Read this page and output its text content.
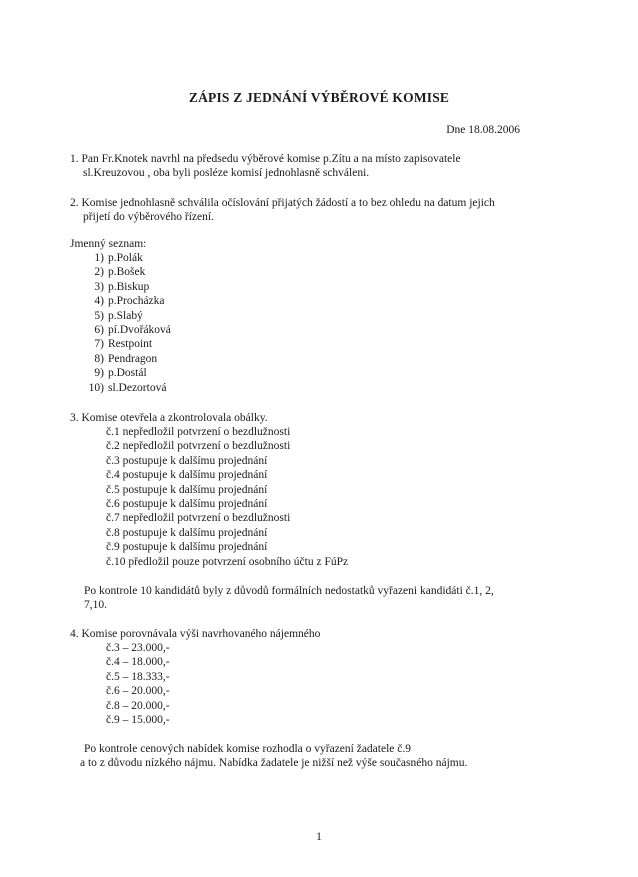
ZÁPIS Z JEDNÁNÍ VÝBĚROVÉ KOMISE
Dne 18.08.2006
1. Pan Fr.Knotek navrhl na předsedu výběrové komise p.Zítu a na místo zapisovatele
sl.Kreuzovou , oba byli posléze komisí jednohlasně schváleni.
2. Komise jednohlasně schválila očíslování přijatých žádostí a to bez ohledu na datum jejich
přijetí do výběrového řízení.
Jmenný seznam:
1) p.Polák
2) p.Bošek
3) p.Biskup
4) p.Procházka
5) p.Slabý
6) pí.Dvořáková
7) Restpoint
8) Pendragon
9) p.Dostál
10) sl.Dezortová
3. Komise otevřela a zkontrolovala obálky.
č.1 nepředložil potvrzení o bezdlužnosti
č.2 nepředložil potvrzení o bezdlužnosti
č.3 postupuje k dalšímu projednání
č.4 postupuje k dalšímu projednání
č.5 postupuje k dalšímu projednání
č.6 postupuje k dalšímu projednání
č.7 nepředložil potvrzení o bezdlužnosti
č.8 postupuje k dalšímu projednání
č.9 postupuje k dalšímu projednání
č.10 předložil pouze potvrzení osobního účtu z FúPz
Po kontrole 10 kandidátů byly z důvodů formálních nedostatků vyřazeni kandidáti č.1, 2,
7,10.
4. Komise porovnávala výši navrhovaného nájemného
č.3 – 23.000,-
č.4 – 18.000,-
č.5 – 18.333,-
č.6 – 20.000,-
č.8 – 20.000,-
č.9 – 15.000,-
Po kontrole cenových nabídek komise rozhodla o vyřazení žadatele č.9
a to z důvodu nízkého nájmu. Nabídka žadatele je nižší než výše současného nájmu.
1
